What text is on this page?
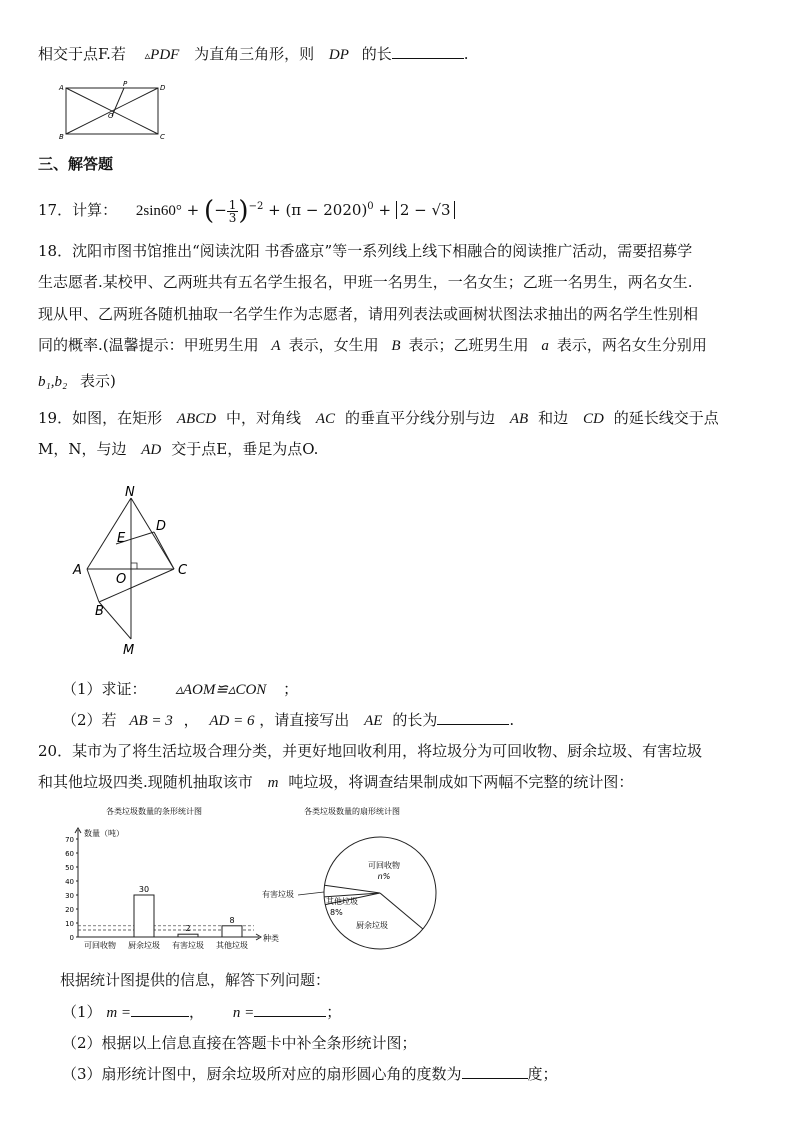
相交于点F.若 ▵PDF 为直角三角形，则 DP 的长	.
A	P	D
O
B	C
三、解答题
17．计算： 2sin60° + (− $\frac{1}{3} )^{-2} + (\pi - 2020)^0 + 2 - √3$
18．沈阳市图书馆推出“阅读沈阳 书香盛京”等一系列线上线下相融合的阅读推广活动，需要招募学
生志愿者.某校甲、乙两班共有五名学生报名，甲班一名男生，一名女生；乙班一名男生，两名女生.
现从甲、乙两班各随机抽取一名学生作为志愿者，请用列表法或画树状图法求抽出的两名学生性别相
同的概率.(温馨提示：甲班男生用 A 表示，女生用 B 表示；乙班男生用 a 表示，两名女生分别用
b₁,b₂ 表示)
19．如图，在矩形 ABCD 中，对角线 AC 的垂直平分线分别与边 AB 和边 CD 的延长线交于点
M，N，与边 AD 交于点E，垂足为点O.
N
D
E
A
O
C
B
M
（1）求证： ▵AOM≌▵CON ；
（2）若 AB = 3 ， AD = 6 ，请直接写出 AE 的长为	.
20．某市为了将生活垃圾合理分类，并更好地回收利用，将垃圾分为可回收物、厨余垃圾、有害垃圾
和其他垃圾四类.现随机抽取该市 m 吨垃圾，将调查结果制成如下两幅不完整的统计图：
各类垃圾数量的条形统计图
数量（吨）
种类
0
10
20
30
40
50
60
70
可回收物 厨余垃圾
30
有害垃圾
2
其他垃圾
8
各类垃圾数量的扇形统计图
可回收物
n%
有害垃圾
其他垃圾
8%
厨余垃圾
根据统计图提供的信息，解答下列问题：
（1） m =	， n =	；
（2）根据以上信息直接在答题卡中补全条形统计图；
（3）扇形统计图中，厨余垃圾所对应的扇形圆心角的度数为	度；
